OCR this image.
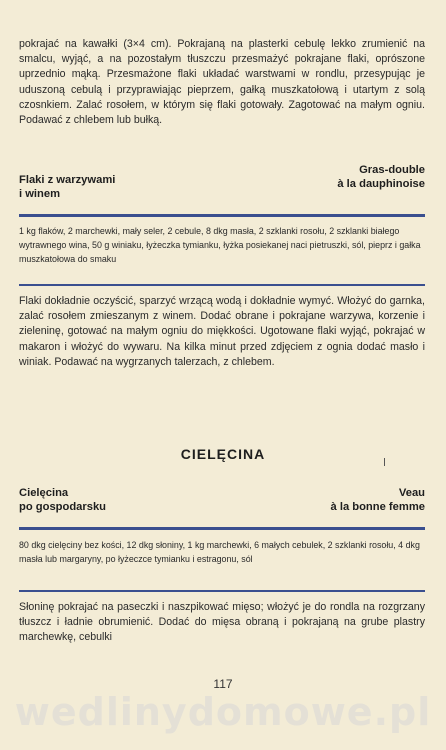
pokrajać na kawałki (3×4 cm). Pokrajaną na plasterki cebulę lekko zrumienić na smalcu, wyjąć, a na pozostałym tłuszczu przesmażyć pokrajane flaki, oprószone uprzednio mąką. Przesmażone flaki układać warstwami w rondlu, przesypując je uduszoną cebulą i przyprawiając pieprzem, gałką muszkatołową i utartym z solą czosnkiem. Zalać rosołem, w którym się flaki gotowały. Zagotować na małym ogniu. Podawać z chlebem lub bułką.

Flaki z warzywami
i winem
Gras-double
à la dauphinoise

1 kg flaków, 2 marchewki, mały seler, 2 cebule, 8 dkg masła, 2 szklanki rosołu, 2 szklanki białego wytrawnego wina, 50 g winiaku, łyżeczka tymianku, łyżka posiekanej naci pietruszki, sól, pieprz i gałka muszkatołowa do smaku

Flaki dokładnie oczyścić, sparzyć wrzącą wodą i dokładnie wymyć. Włożyć do garnka, zalać rosołem zmieszanym z winem. Dodać obrane i pokrajane warzywa, korzenie i zieleninę, gotować na małym ogniu do miękkości. Ugotowane flaki wyjąć, pokrajać w makaron i włożyć do wywaru. Na kilka minut przed zdjęciem z ognia dodać masło i winiak. Podawać na wygrzanych talerzach, z chlebem.

CIELĘCINA
Cielęcina
po gospodarsku
Veau
à la bonne femme

80 dkg cielęciny bez kości, 12 dkg słoniny, 1 kg marchewki, 6 małych cebulek, 2 szklanki rosołu, 4 dkg masła lub margaryny, po łyżeczce tymianku i estragonu, sól

Słoninę pokrajać na paseczki i naszpikować mięso; włożyć je do rondla na rozgrzany tłuszcz i ładnie obrumienić. Dodać do mięsa obraną i pokrajaną na grube plastry marchewkę, cebulki

117
wedlinydomowe.pl
